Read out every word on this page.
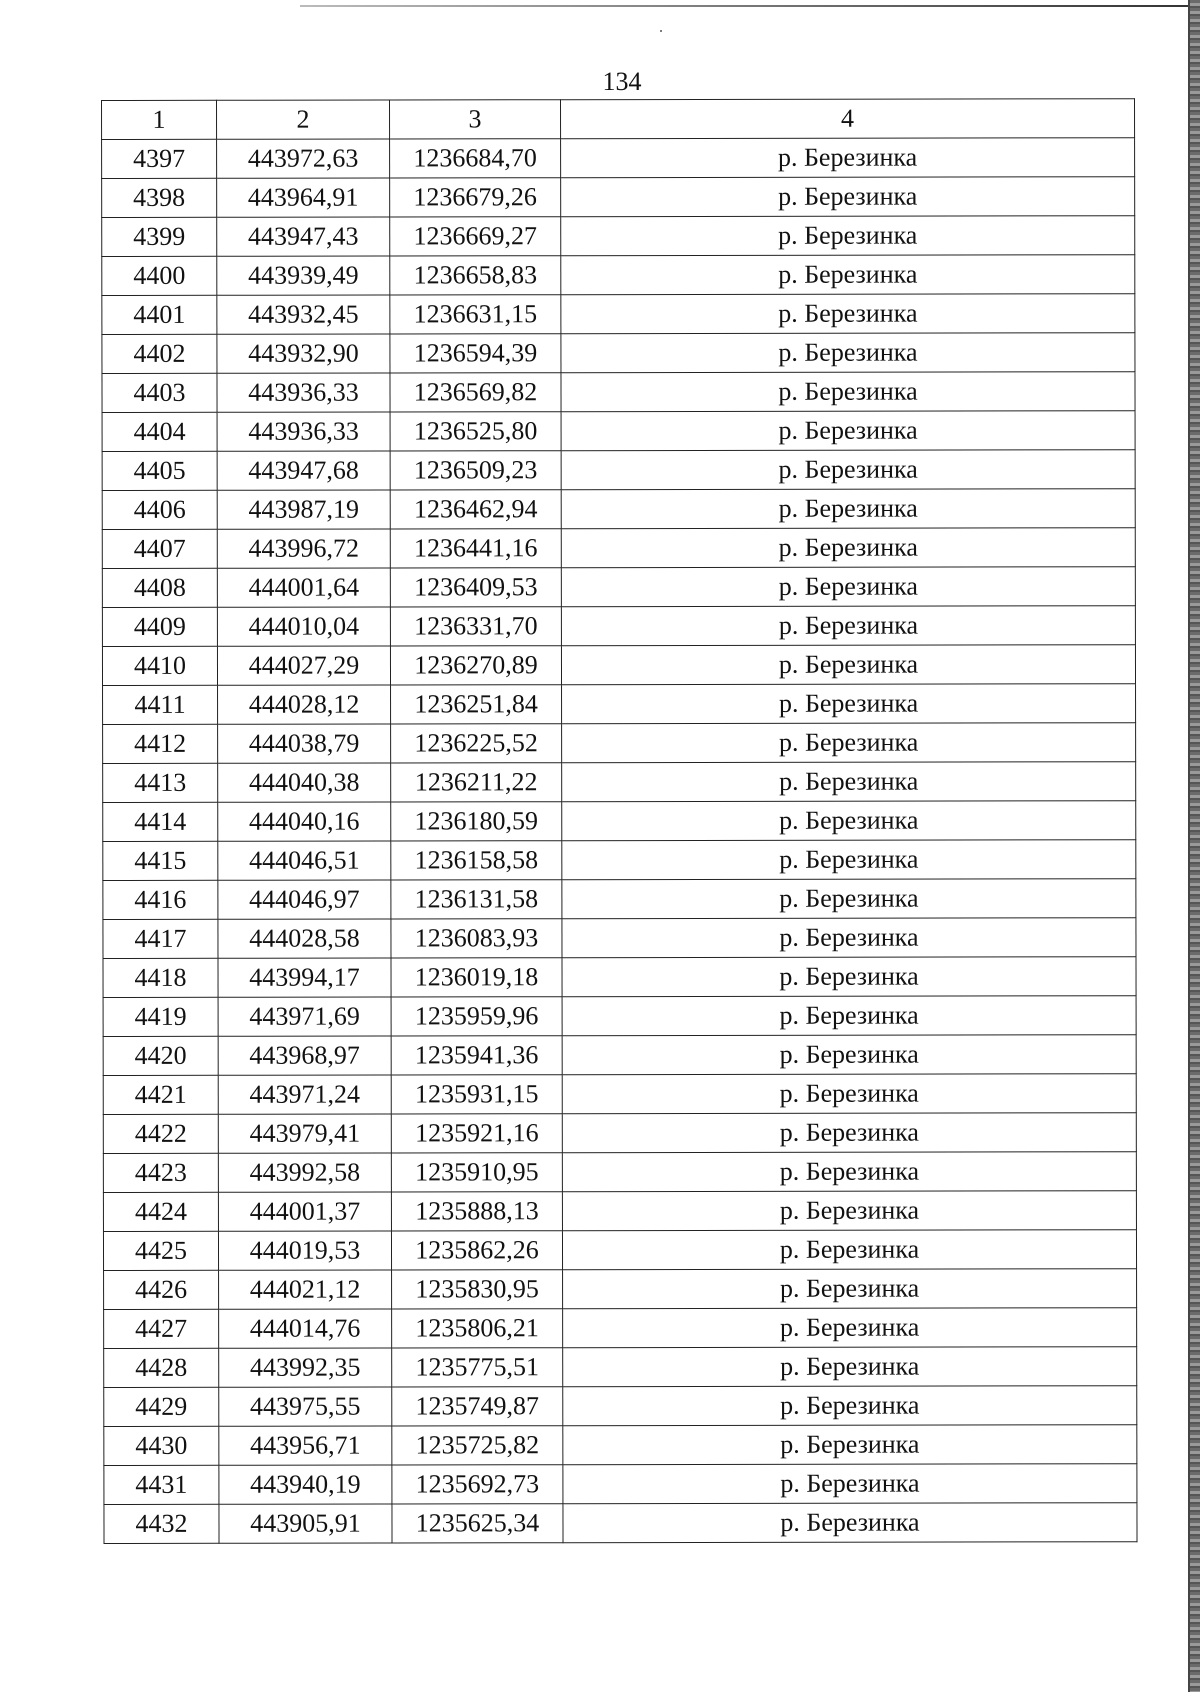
134
1	2	3	4
4397	443972,63	1236684,70	р. Березинка
4398	443964,91	1236679,26	р. Березинка
4399	443947,43	1236669,27	р. Березинка
4400	443939,49	1236658,83	р. Березинка
4401	443932,45	1236631,15	р. Березинка
4402	443932,90	1236594,39	р. Березинка
4403	443936,33	1236569,82	р. Березинка
4404	443936,33	1236525,80	р. Березинка
4405	443947,68	1236509,23	р. Березинка
4406	443987,19	1236462,94	р. Березинка
4407	443996,72	1236441,16	р. Березинка
4408	444001,64	1236409,53	р. Березинка
4409	444010,04	1236331,70	р. Березинка
4410	444027,29	1236270,89	р. Березинка
4411	444028,12	1236251,84	р. Березинка
4412	444038,79	1236225,52	р. Березинка
4413	444040,38	1236211,22	р. Березинка
4414	444040,16	1236180,59	р. Березинка
4415	444046,51	1236158,58	р. Березинка
4416	444046,97	1236131,58	р. Березинка
4417	444028,58	1236083,93	р. Березинка
4418	443994,17	1236019,18	р. Березинка
4419	443971,69	1235959,96	р. Березинка
4420	443968,97	1235941,36	р. Березинка
4421	443971,24	1235931,15	р. Березинка
4422	443979,41	1235921,16	р. Березинка
4423	443992,58	1235910,95	р. Березинка
4424	444001,37	1235888,13	р. Березинка
4425	444019,53	1235862,26	р. Березинка
4426	444021,12	1235830,95	р. Березинка
4427	444014,76	1235806,21	р. Березинка
4428	443992,35	1235775,51	р. Березинка
4429	443975,55	1235749,87	р. Березинка
4430	443956,71	1235725,82	р. Березинка
4431	443940,19	1235692,73	р. Березинка
4432	443905,91	1235625,34	р. Березинка
